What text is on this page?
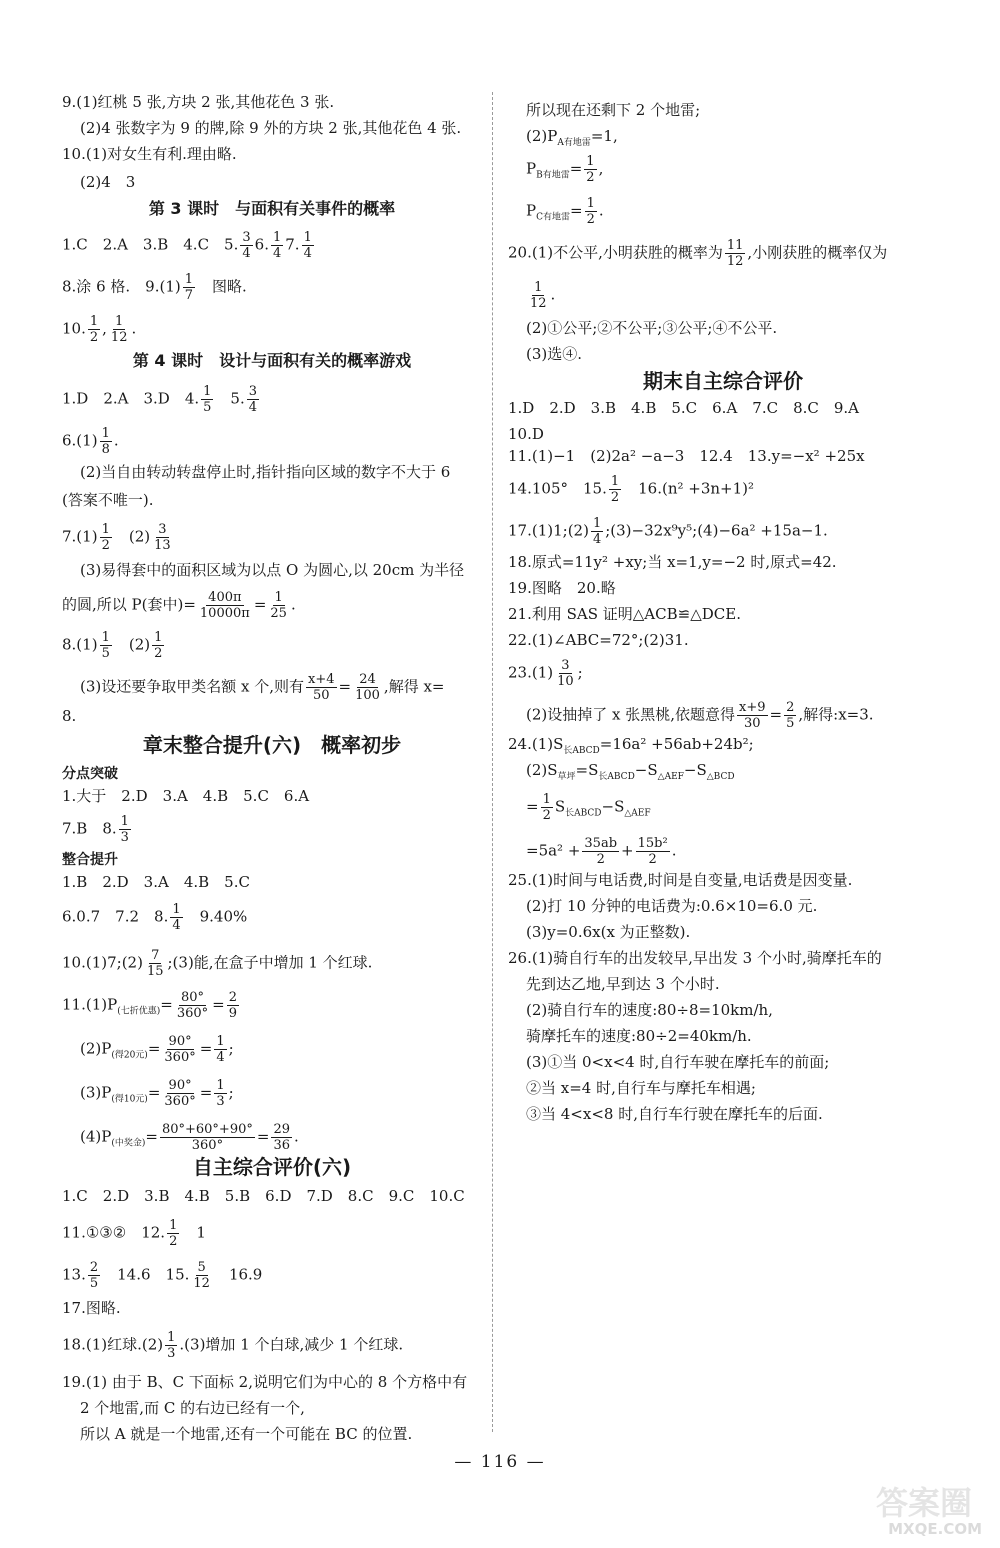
9.(1)红桃 5 张,方块 2 张,其他花色 3 张.
(2)4 张数字为 9 的牌,除 9 外的方块 2 张,其他花色 4 张.
10.(1)对女生有利.理由略.
(2)4　3
第 3 课时　与面积有关事件的概率
1.C　2.A　3.B　4.C　5. $\frac{3}{4} 6$. $\frac{1}{4} 7$. $\frac{1}{4}$
8.涂 6 格.　$9.(1) \frac{1}{7}$ 　图略.
10. $\frac{1}{2}$ , $\frac{1}{12}$ .
第 4 课时　设计与面积有关的概率游戏
1.D　2.A　3.D　4. $\frac{1}{5}$ 　5. $\frac{3}{4}$
$6.(1) \frac{1}{8}$ .
(2)当自由转动转盘停止时,指针指向区域的数字不大于 6
(答案不唯一).
$7.(1) \frac{1}{2}$ 　$(2) \frac{3}{13}$
(3)易得套中的面积区域为以点 O 为圆心,以 20cm 为半径
的圆,所以 P(套中)= $\frac{400\pi}{10000\pi} = \frac{1}{25}$ .
$8.(1) \frac{1}{5}$ 　$(2) \frac{1}{2}$
(3)设还要争取甲类名额 x 个,则有 $\frac{x+4}{50} = \frac{24}{100}$ ,解得 x=
8.
章末整合提升(六)　概率初步
分点突破
1.大于　2.D　3.A　4.B　5.C　6.A
7.B　8. $\frac{1}{3}$
整合提升
1.B　2.D　3.A　4.B　5.C
6.0.7　7.2　8. $\frac{1}{4}$ 　9.40%
10.(1)7;(2) $\frac{7}{15}$ ;(3)能,在盒子中增加 1 个红球.
$11.(1)P_{(七折优惠)}= \frac{80^\circ}{360^\circ} = \frac{2}{9}$
$(2)P_{(得20元)}= \frac{90^\circ}{360^\circ} = \frac{1}{4}$ ;
$(3)P_{(得10元)}= \frac{90^\circ}{360^\circ} = \frac{1}{3}$ ;
$(4)P_{(中奖金)}= \frac{80^\circ+60^\circ+90^\circ}{360^\circ} = \frac{29}{36}$ .
自主综合评价(六)
1.C　2.D　3.B　4.B　5.B　6.D　7.D　8.C　9.C　10.C
11.①③②　12. $\frac{1}{2}$ 　1
13. $\frac{2}{5}$ 　14.6　15. $\frac{5}{12}$ 　16.9
17.图略.
18.(1)红球$.(2) \frac{1}{3} .(3)$增加 1 个白球,减少 1 个红球.
19.(1) 由于 B、C 下面标 2,说明它们为中心的 8 个方格中有
2 个地雷,而 C 的右边已经有一个,
所以 A 就是一个地雷,还有一个可能在 BC 的位置.
所以现在还剩下 2 个地雷;
$(2)P_{A有地雷}=1$,
$P_{B有地雷}= \frac{1}{2}$ ,
$P_{C有地雷}= \frac{1}{2}$ .
20.(1)不公平,小明获胜的概率为 $\frac{11}{12}$ ,小刚获胜的概率仅为
$\frac{1}{12}$ .
(2)①公平;②不公平;③公平;④不公平.
(3)选④.
期末自主综合评价
1.D　2.D　3.B　4.B　5.C　6.A　7.C　8.C　9.A
10.D
11.(1)−1　(2)2a² −a−3　12.4　13.y=−x² +25x
14.105°　15. $\frac{1}{2}$ 　16.(n² +3n+1)²
17.(1)1;(2) $\frac{1}{4}$ ;(3)−32x⁹y⁵;(4)−6a² +15a−1.
18.原式=11y² +xy;当 x=1,y=−2 时,原式=42.
19.图略　20.略
21.利用 SAS 证明△ACB≌△DCE.
22.(1)∠ABC=72°;(2)31.
$23.(1) \frac{3}{10}$ ;
(2)设抽掉了 x 张黑桃,依题意得 $\frac{x+9}{30} = \frac{2}{5}$ ,解得:x=3.
$24.(1)S_{长ABCD}=16a^2 +56ab+24b^2$;
$(2)S_{草坪}=S_{长ABCD}-S_{\triangle AEF}-S_{\triangle BCD}$
= $\frac{1}{2} S_{长ABCD}-S_{\triangle AEF}$
$=5a^2 + \frac{35ab}{2} + \frac{\text{15b²}}{2}$ .
25.(1)时间与电话费,时间是自变量,电话费是因变量.
(2)打 10 分钟的电话费为:0.6×10=6.0 元.
(3)y=0.6x(x 为正整数).
26.(1)骑自行车的出发较早,早出发 3 个小时,骑摩托车的
先到达乙地,早到达 3 个小时.
(2)骑自行车的速度:80÷8=10km/h,
骑摩托车的速度:80÷2=40km/h.
(3)①当 0<x<4 时,自行车驶在摩托车的前面;
②当 x=4 时,自行车与摩托车相遇;
③当 4<x<8 时,自行车行驶在摩托车的后面.
— 116 —
答案圈
MXQE.COM
